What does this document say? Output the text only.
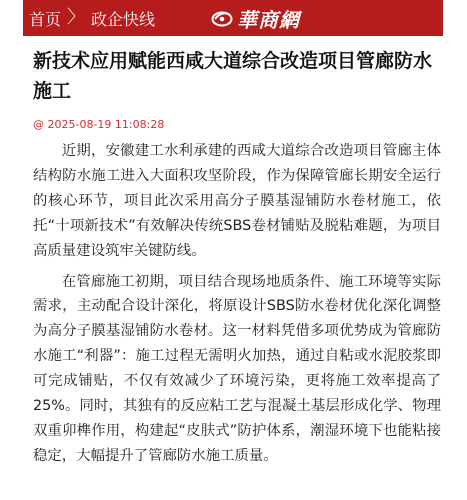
首页 〉 政企快线	華商網
新技术应用赋能西咸大道综合改造项目管廊防水施工
@ 2025-08-19 11:08:28

近期，安徽建工水利承建的西咸大道综合改造项目管廊主体结构防水施工进入大面积攻坚阶段，作为保障管廊长期安全运行的核心环节，项目此次采用高分子膜基湿铺防水卷材施工，依托“十项新技术”有效解决传统SBS卷材铺贴及脱粘难题，为项目高质量建设筑牢关键防线。

在管廊施工初期，项目结合现场地质条件、施工环境等实际需求，主动配合设计深化，将原设计SBS防水卷材优化深化调整为高分子膜基湿铺防水卷材。这一材料凭借多项优势成为管廊防水施工“利器”：施工过程无需明火加热，通过自粘或水泥胶浆即可完成铺贴，不仅有效减少了环境污染，更将施工效率提高了25%。同时，其独有的反应粘工艺与混凝土基层形成化学、物理双重卯榫作用，构建起“皮肤式”防护体系，潮湿环境下也能粘接稳定，大幅提升了管廊防水施工质量。
